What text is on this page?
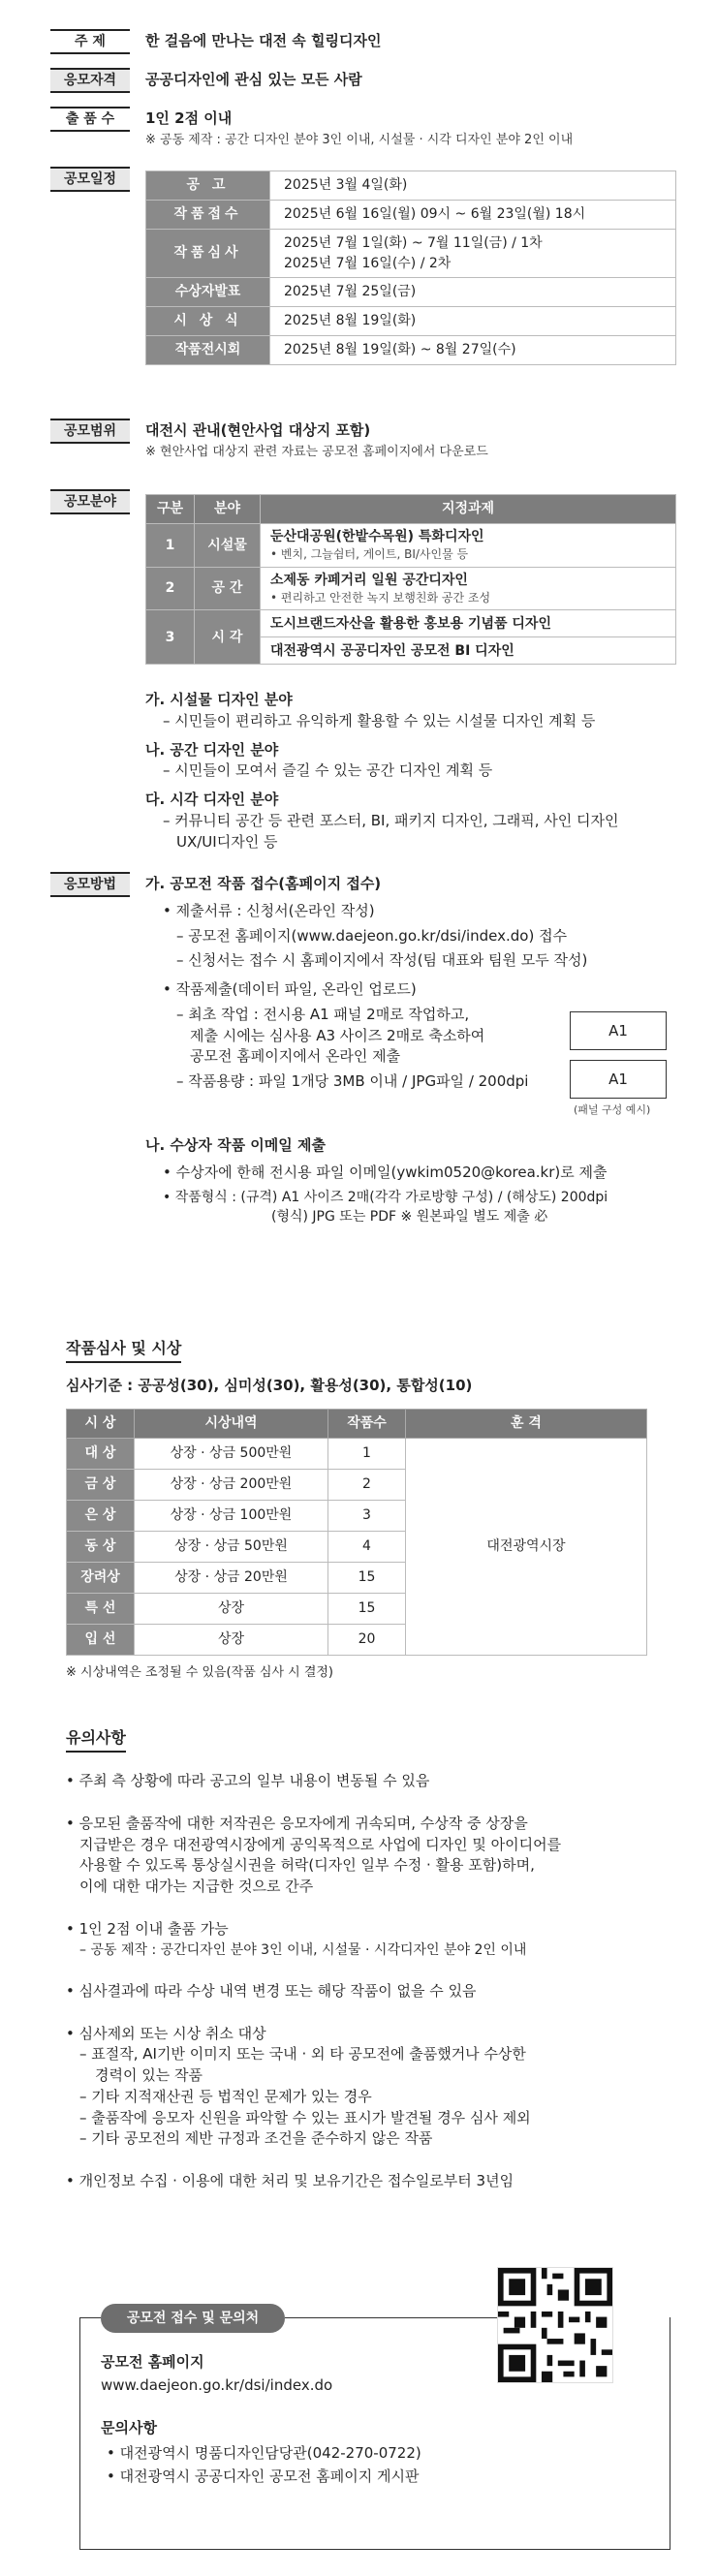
주 제	한 걸음에 만나는 대전 속 힐링디자인
응모자격	공공디자인에 관심 있는 모든 사람
출 품 수	1인 2점 이내
※ 공동 제작 : 공간 디자인 분야 3인 이내, 시설물 · 시각 디자인 분야 2인 이내
공모일정	공 고	2025년 3월 4일(화)
작품접수	2025년 6월 16일(월) 09시 ~ 6월 23일(월) 18시
작품심사	2025년 7월 1일(화) ~ 7월 11일(금) / 1차
2025년 7월 16일(수) / 2차

수상자발표	2025년 7월 25일(금)
시 상 식	2025년 8월 19일(화)
작품전시회	2025년 8월 19일(화) ~ 8월 27일(수)
공모범위	대전시 관내(현안사업 대상지 포함)
※ 현안사업 대상지 관련 자료는 공모전 홈페이지에서 다운로드
공모분야	구분	분야	지정과제
1	시설물	둔산대공원(한밭수목원) 특화디자인
• 벤치, 그늘쉼터, 게이트, BI/사인물 등

2	공 간	소제동 카페거리 일원 공간디자인
• 편리하고 안전한 녹지 보행친화 공간 조성

3	시 각	도시브랜드자산을 활용한 홍보용 기념품 디자인
		대전광역시 공공디자인 공모전 BI 디자인
가. 시설물 디자인 분야
– 시민들이 편리하고 유익하게 활용할 수 있는 시설물 디자인 계획 등
나. 공간 디자인 분야
– 시민들이 모여서 즐길 수 있는 공간 디자인 계획 등
다. 시각 디자인 분야
– 커뮤니티 공간 등 관련 포스터, BI, 패키지 디자인, 그래픽, 사인 디자인
UX/UI디자인 등
응모방법	가. 공모전 작품 접수(홈페이지 접수)
• 제출서류 : 신청서(온라인 작성)
– 공모전 홈페이지(www.daejeon.go.kr/dsi/index.do) 접수
– 신청서는 접수 시 홈페이지에서 작성(팀 대표와 팀원 모두 작성)
• 작품제출(데이터 파일, 온라인 업로드)
– 최초 작업 : 전시용 A1 패널 2매로 작업하고,
제출 시에는 심사용 A3 사이즈 2매로 축소하여
공모전 홈페이지에서 온라인 제출
– 작품용량 : 파일 1개당 3MB 이내 / JPG파일 / 200dpi
A1
A1
(패널 구성 예시)
나. 수상자 작품 이메일 제출
• 수상자에 한해 전시용 파일 이메일(ywkim0520@korea.kr)로 제출
• 작품형식 : (규격) A1 사이즈 2매(각각 가로방향 구성) / (해상도) 200dpi
(형식) JPG 또는 PDF ※ 원본파일 별도 제출 必
작품심사 및 시상
심사기준 : 공공성(30), 심미성(30), 활용성(30), 통합성(10)
시 상	시상내역	작품수	훈 격
대 상	상장 · 상금 500만원	1	대전광역시장
금 상	상장 · 상금 200만원	2	
은 상	상장 · 상금 100만원	3	
동 상	상장 · 상금 50만원	4	
장려상	상장 · 상금 20만원	15	
특 선	상장	15	
입 선	상장	20	
※ 시상내역은 조정될 수 있음(작품 심사 시 결정)
유의사항
• 주최 측 상황에 따라 공고의 일부 내용이 변동될 수 있음
• 응모된 출품작에 대한 저작권은 응모자에게 귀속되며, 수상작 중 상장을

지급받은 경우 대전광역시장에게 공익목적으로 사업에 디자인 및 아이디어를

사용할 수 있도록 통상실시권을 허락(디자인 일부 수정 · 활용 포함)하며,

이에 대한 대가는 지급한 것으로 간주

• 1인 2점 이내 출품 가능

– 공동 제작 : 공간디자인 분야 3인 이내, 시설물 · 시각디자인 분야 2인 이내

• 심사결과에 따라 수상 내역 변경 또는 해당 작품이 없을 수 있음
• 심사제외 또는 시상 취소 대상

– 표절작, AI기반 이미지 또는 국내 · 외 타 공모전에 출품했거나 수상한

경력이 있는 작품

– 기타 지적재산권 등 법적인 문제가 있는 경우

– 출품작에 응모자 신원을 파악할 수 있는 표시가 발견될 경우 심사 제외

– 기타 공모전의 제반 규정과 조건을 준수하지 않은 작품

• 개인정보 수집 · 이용에 대한 처리 및 보유기간은 접수일로부터 3년임
공모전 접수 및 문의처
공모전 홈페이지
www.daejeon.go.kr/dsi/index.do
문의사항
• 대전광역시 명품디자인담당관(042-270-0722)
• 대전광역시 공공디자인 공모전 홈페이지 게시판
